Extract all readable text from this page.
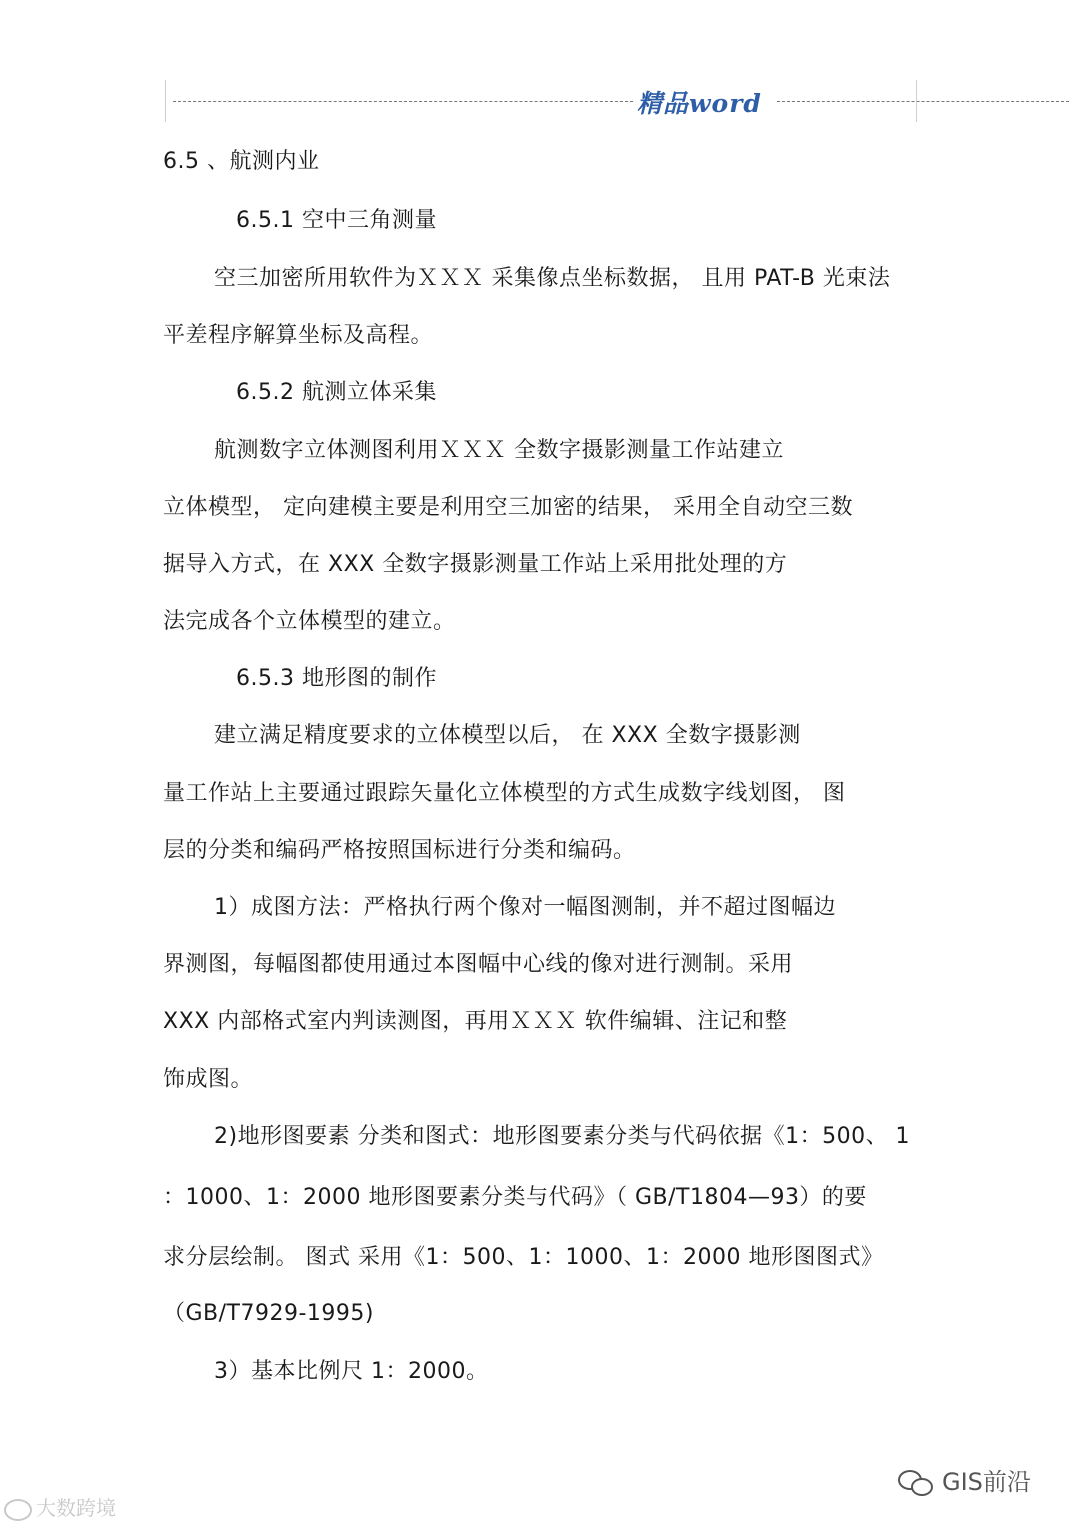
精品word
6.5 、航测内业
6.5.1 空中三角测量
空三加密所用软件为ＸＸＸ 采集像点坐标数据， 且用 PAT-B 光束法
平差程序解算坐标及高程。
6.5.2 航测立体采集
航测数字立体测图利用ＸＸＸ 全数字摄影测量工作站建立
立体模型， 定向建模主要是利用空三加密的结果， 采用全自动空三数
据导入方式，在 XXX 全数字摄影测量工作站上采用批处理的方
法完成各个立体模型的建立。
6.5.3 地形图的制作
建立满足精度要求的立体模型以后， 在 XXX 全数字摄影测
量工作站上主要通过跟踪矢量化立体模型的方式生成数字线划图， 图
层的分类和编码严格按照国标进行分类和编码。
1）成图方法：严格执行两个像对一幅图测制，并不超过图幅边
界测图，每幅图都使用通过本图幅中心线的像对进行测制。采用
XXX 内部格式室内判读测图，再用ＸＸＸ 软件编辑、注记和整
饰成图。
2)地形图要素 分类和图式：地形图要素分类与代码依据《1：500、 1
：1000、1：2000 地形图要素分类与代码》（ GB/T1804—93）的要
求分层绘制。 图式 采用《1：500、1：1000、1：2000 地形图图式》
（GB/T7929-1995)
3）基本比例尺 1：2000。
大数跨境
GIS前沿
